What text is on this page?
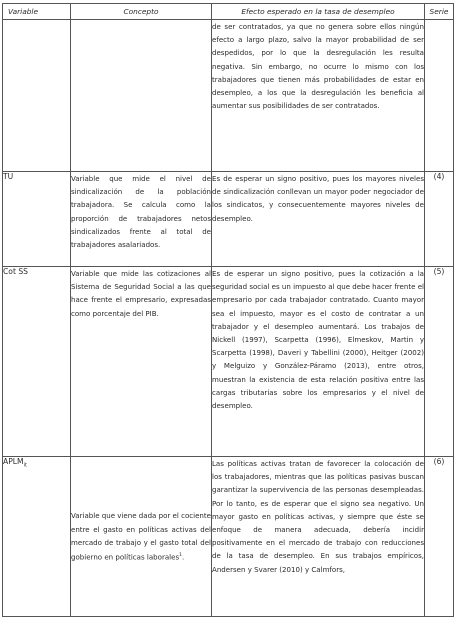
Variable	Concepto	Efecto esperado en la tasa de desempleo	Serie
		de ser contratados, ya que no genera sobre ellos ningún efecto a largo plazo, salvo la mayor probabilidad de ser despedidos, por lo que la desregulación les resulta negativa. Sin embargo, no ocurre lo mismo con los trabajadores que tienen más probabilidades de estar en desempleo, a los que la desregulación les beneficia al aumentar sus posibilidades de ser contratados.	
TU	Variable que mide el nivel de sindicalización de la población trabajadora. Se calcula como la proporción de trabajadores netos sindicalizados frente al total de trabajadores asalariados.	Es de esperar un signo positivo, pues los mayores niveles de sindicalización conllevan un mayor poder negociador de los sindicatos, y consecuentemente mayores niveles de desempleo.	(4)
Cot SS	Variable que mide las cotizaciones al Sistema de Seguridad Social a las que hace frente el empresario, expresadas como porcentaje del PIB.	Es de esperar un signo positivo, pues la cotización a la seguridad social es un impuesto al que debe hacer frente el empresario por cada trabajador contratado. Cuanto mayor sea el impuesto, mayor es el costo de contratar a un trabajador y el desempleo aumentará. Los trabajos de Nickell (1997), Scarpetta (1996), Elmeskov, Martin y Scarpetta (1998), Daveri y Tabellini (2000), Heitger (2002) y Melguizo y González-Páramo (2013), entre otros, muestran la existencia de esta relación positiva entre las cargas tributarias sobre los empresarios y el nivel de desempleo.	(5)
$APLM_{it}$	Variable que viene dada por el cociente entre el gasto en políticas activas del mercado de trabajo y el gasto total del gobierno en políticas laborales$^1$.	Las políticas activas tratan de favorecer la colocación de los trabajadores, mientras que las políticas pasivas buscan garantizar la supervivencia de las personas desempleadas. Por lo tanto, es de esperar que el signo sea negativo. Un mayor gasto en políticas activas, y siempre que éste se enfoque de manera adecuada, debería incidir positivamente en el mercado de trabajo con reducciones de la tasa de desempleo. En sus trabajos empíricos, Andersen y Svarer (2010) y Calmfors,	(6)
